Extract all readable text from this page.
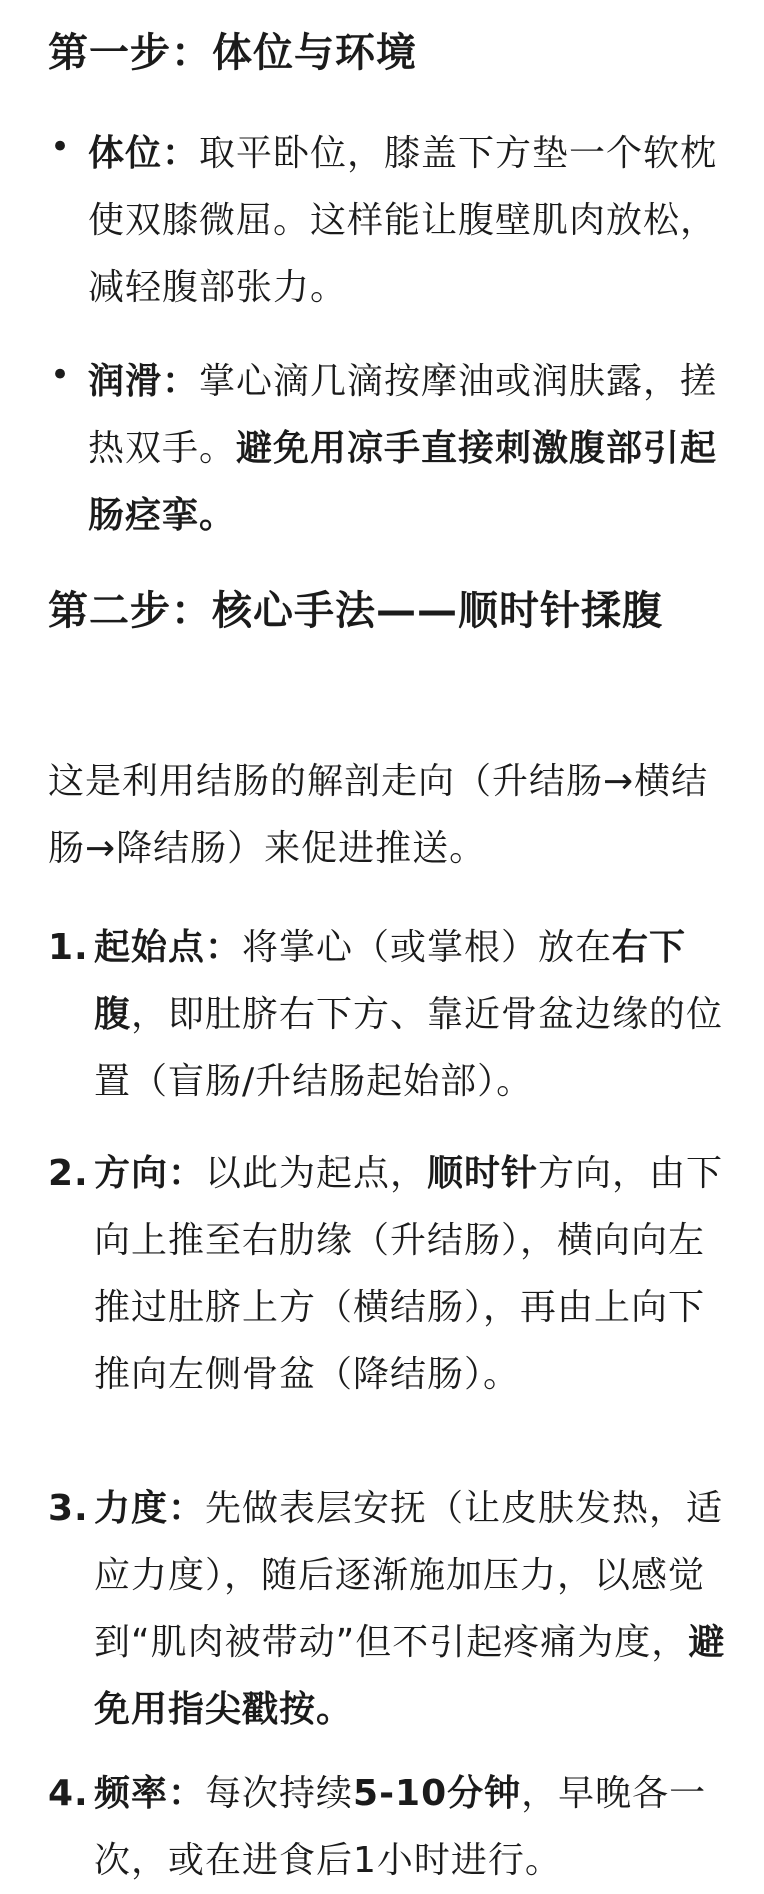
第一步：体位与环境
• 体位：取平卧位，膝盖下方垫一个软枕使双膝微屈。这样能让腹壁肌肉放松，减轻腹部张力。
• 润滑：掌心滴几滴按摩油或润肤露，搓热双手。避免用凉手直接刺激腹部引起肠痉挛。
第二步：核心手法——顺时针揉腹

这是利用结肠的解剖走向（升结肠→横结肠→降结肠）来促进推送。

1. 起始点：将掌心（或掌根）放在右下腹，即肚脐右下方、靠近骨盆边缘的位置（盲肠/升结肠起始部）。
2. 方向：以此为起点，顺时针方向，由下向上推至右肋缘（升结肠），横向向左推过肚脐上方（横结肠），再由上向下推向左侧骨盆（降结肠）。
3. 力度：先做表层安抚（让皮肤发热，适应力度），随后逐渐施加压力，以感觉到“肌肉被带动”但不引起疼痛为度，避免用指尖戳按。
4. 频率：每次持续5-10分钟，早晚各一次，或在进食后1小时进行。
